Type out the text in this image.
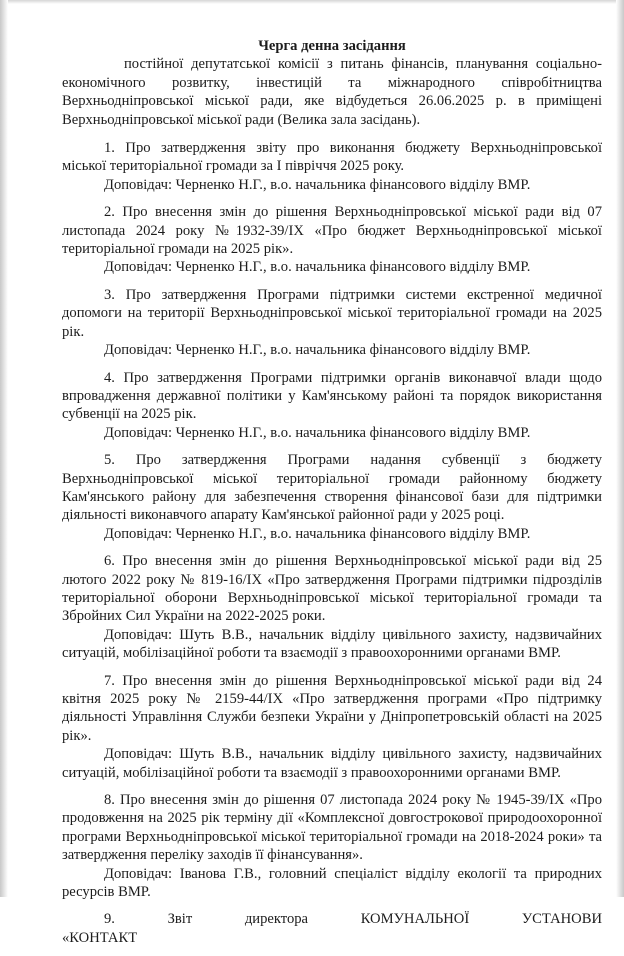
Черга денна засідання

постійної депутатської комісії з питань фінансів, планування соціально-економічного розвитку, інвестицій та міжнародного співробітництва Верхньодніпровської міської ради, яке відбудеться 26.06.2025 р. в приміщені Верхньодніпровської міської ради (Велика зала засідань).

1. Про затвердження звіту про виконання бюджету Верхньодніпровської міської територіальної громади за І півріччя 2025 року.

Доповідач: Черненко Н.Г., в.о. начальника фінансового відділу ВМР.

2. Про внесення змін до рішення Верхньодніпровської міської ради від 07 листопада 2024 року №1932-39/ІХ «Про бюджет Верхньодніпровської міської територіальної громади на 2025 рік».

Доповідач: Черненко Н.Г., в.о. начальника фінансового відділу ВМР.

3. Про затвердження Програми підтримки системи екстренної медичної допомоги на території Верхньодніпровської міської територіальної громади на 2025 рік.

Доповідач: Черненко Н.Г., в.о. начальника фінансового відділу ВМР.

4. Про затвердження Програми підтримки органів виконавчої влади щодо впровадження державної політики у Кам'янському районі та порядок використання субвенції на 2025 рік.

Доповідач: Черненко Н.Г., в.о. начальника фінансового відділу ВМР.

5. Про затвердження Програми надання субвенції з бюджету Верхньодніпровської міської територіальної громади районному бюджету Кам'янського району для забезпечення створення фінансової бази для підтримки діяльності виконавчого апарату Кам'янської районної ради у 2025 році.

Доповідач: Черненко Н.Г., в.о. начальника фінансового відділу ВМР.

6. Про внесення змін до рішення Верхньодніпровської міської ради від 25 лютого 2022 року № 819-16/ІХ «Про затвердження Програми підтримки підрозділів територіальної оборони Верхньодніпровської міської територіальної громади та Збройних Сил України на 2022-2025 роки.

Доповідач: Шуть В.В., начальник відділу цивільного захисту, надзвичайних ситуацій, мобілізаційної роботи та взаємодії з правоохоронними органами ВМР.

7. Про внесення змін до рішення Верхньодніпровської міської ради від 24 квітня 2025 року № 2159-44/ІХ «Про затвердження програми «Про підтримку діяльності Управління Служби безпеки України у Дніпропетровській області на 2025 рік».

Доповідач: Шуть В.В., начальник відділу цивільного захисту, надзвичайних ситуацій, мобілізаційної роботи та взаємодії з правоохоронними органами ВМР.

8. Про внесення змін до рішення 07 листопада 2024 року № 1945-39/ІХ «Про продовження на 2025 рік терміну дії «Комплексної довгострокової природоохоронної програми Верхньодніпровської міської територіальної громади на 2018-2024 роки» та затвердження переліку заходів її фінансування».

Доповідач: Іванова Г.В., головний спеціаліст відділу екології та природних ресурсів ВМР.

9. Звіт директора КОМУНАЛЬНОЇ УСТАНОВИ «КОНТАКТ
